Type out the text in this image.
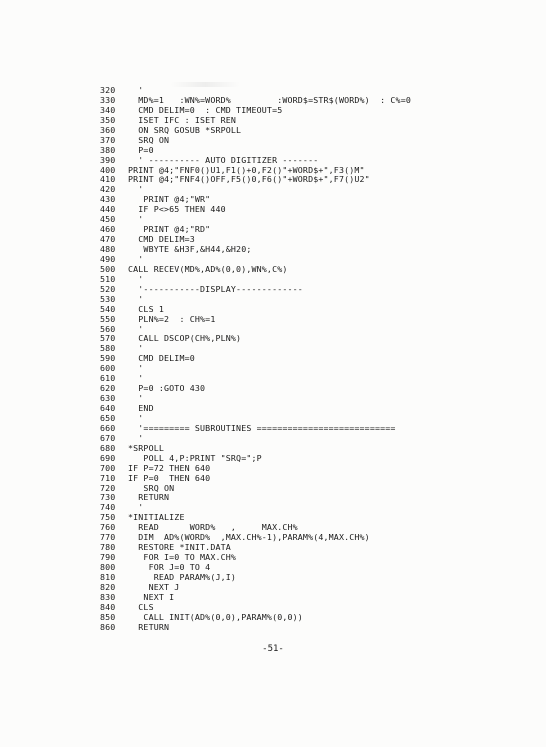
320	'
330	MD%=1   :WN%=WORD%         :WORD$=STR$(WORD%)  : C%=0
340	CMD DELIM=0  : CMD TIMEOUT=5
350	ISET IFC : ISET REN
360	ON SRQ GOSUB *SRPOLL
370	SRQ ON
380	P=0
390	' ---------- AUTO DIGITIZER -------
400	PRINT @4;"FNF0()U1,F1()+0,F2()"+WORD$+",F3()M"
410	PRINT @4;"FNF4()OFF,F5()0,F6()"+WORD$+",F7()U2"
420	'
430	PRINT @4;"WR"
440	IF P<>65 THEN 440
450	'
460	PRINT @4;"RD"
470	CMD DELIM=3
480	WBYTE &H3F,&H44,&H20;
490	'
500	CALL RECEV(MD%,AD%(0,0),WN%,C%)
510	'
520	'-----------DISPLAY-------------
530	'
540	CLS 1
550	PLN%=2  : CH%=1
560	'
570	CALL DSCOP(CH%,PLN%)
580	'
590	CMD DELIM=0
600	'
610	'
620	P=0 :GOTO 430
630	'
640	END
650	'
660	'========= SUBROUTINES ===========================
670	'
680	*SRPOLL
690	POLL 4,P:PRINT "SRQ=";P
700	IF P=72 THEN 640
710	IF P=0  THEN 640
720	SRQ ON
730	RETURN
740	'
750	*INITIALIZE
760	READ      WORD%   ,     MAX.CH%
770	DIM  AD%(WORD%  ,MAX.CH%-1),PARAM%(4,MAX.CH%)
780	RESTORE *INIT.DATA
790	FOR I=0 TO MAX.CH%
800	FOR J=0 TO 4
810	READ PARAM%(J,I)
820	NEXT J
830	NEXT I
840	CLS
850	CALL INIT(AD%(0,0),PARAM%(0,0))
860	RETURN
-51-
